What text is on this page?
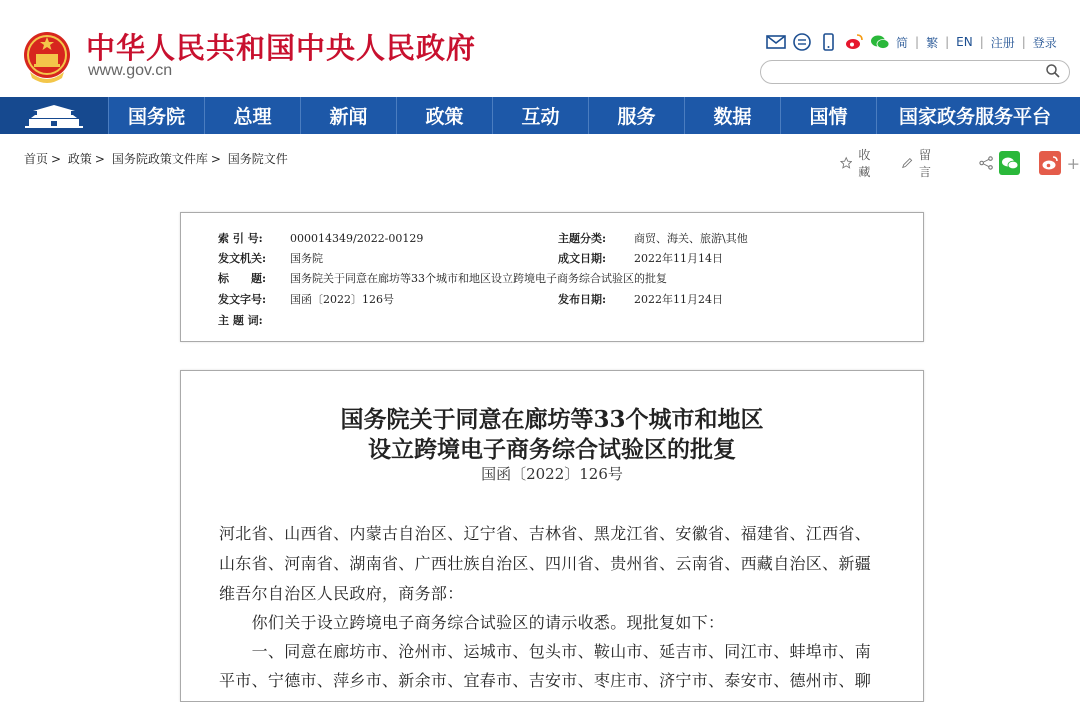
中华人民共和国中央人民政府
www.gov.cn
简 | 繁 | EN | 注册 | 登录
国务院	总理	新闻	政策	互动	服务	数据	国情	国家政务服务平台
首页 > 政策 > 国务院政策文件库 > 国务院文件	收藏
留言	+
索 引 号: 000014349/2022-00129	主题分类:	商贸、海关、旅游\其他
发文机关: 国务院	成文日期:	2022年11月14日
标　　题: 国务院关于同意在廊坊等33个城市和地区设立跨境电子商务综合试验区的批复
发文字号: 国函〔2022〕126号	发布日期:	2022年11月24日
主 题 词:
国务院关于同意在廊坊等33个城市和地区
设立跨境电子商务综合试验区的批复
国函〔2022〕126号
河北省、山西省、内蒙古自治区、辽宁省、吉林省、黑龙江省、安徽省、福建省、江西省、
山东省、河南省、湖南省、广西壮族自治区、四川省、贵州省、云南省、西藏自治区、新疆
维吾尔自治区人民政府，商务部：
　　你们关于设立跨境电子商务综合试验区的请示收悉。现批复如下：
　　一、同意在廊坊市、沧州市、运城市、包头市、鞍山市、延吉市、同江市、蚌埠市、南
平市、宁德市、萍乡市、新余市、宜春市、吉安市、枣庄市、济宁市、泰安市、德州市、聊
